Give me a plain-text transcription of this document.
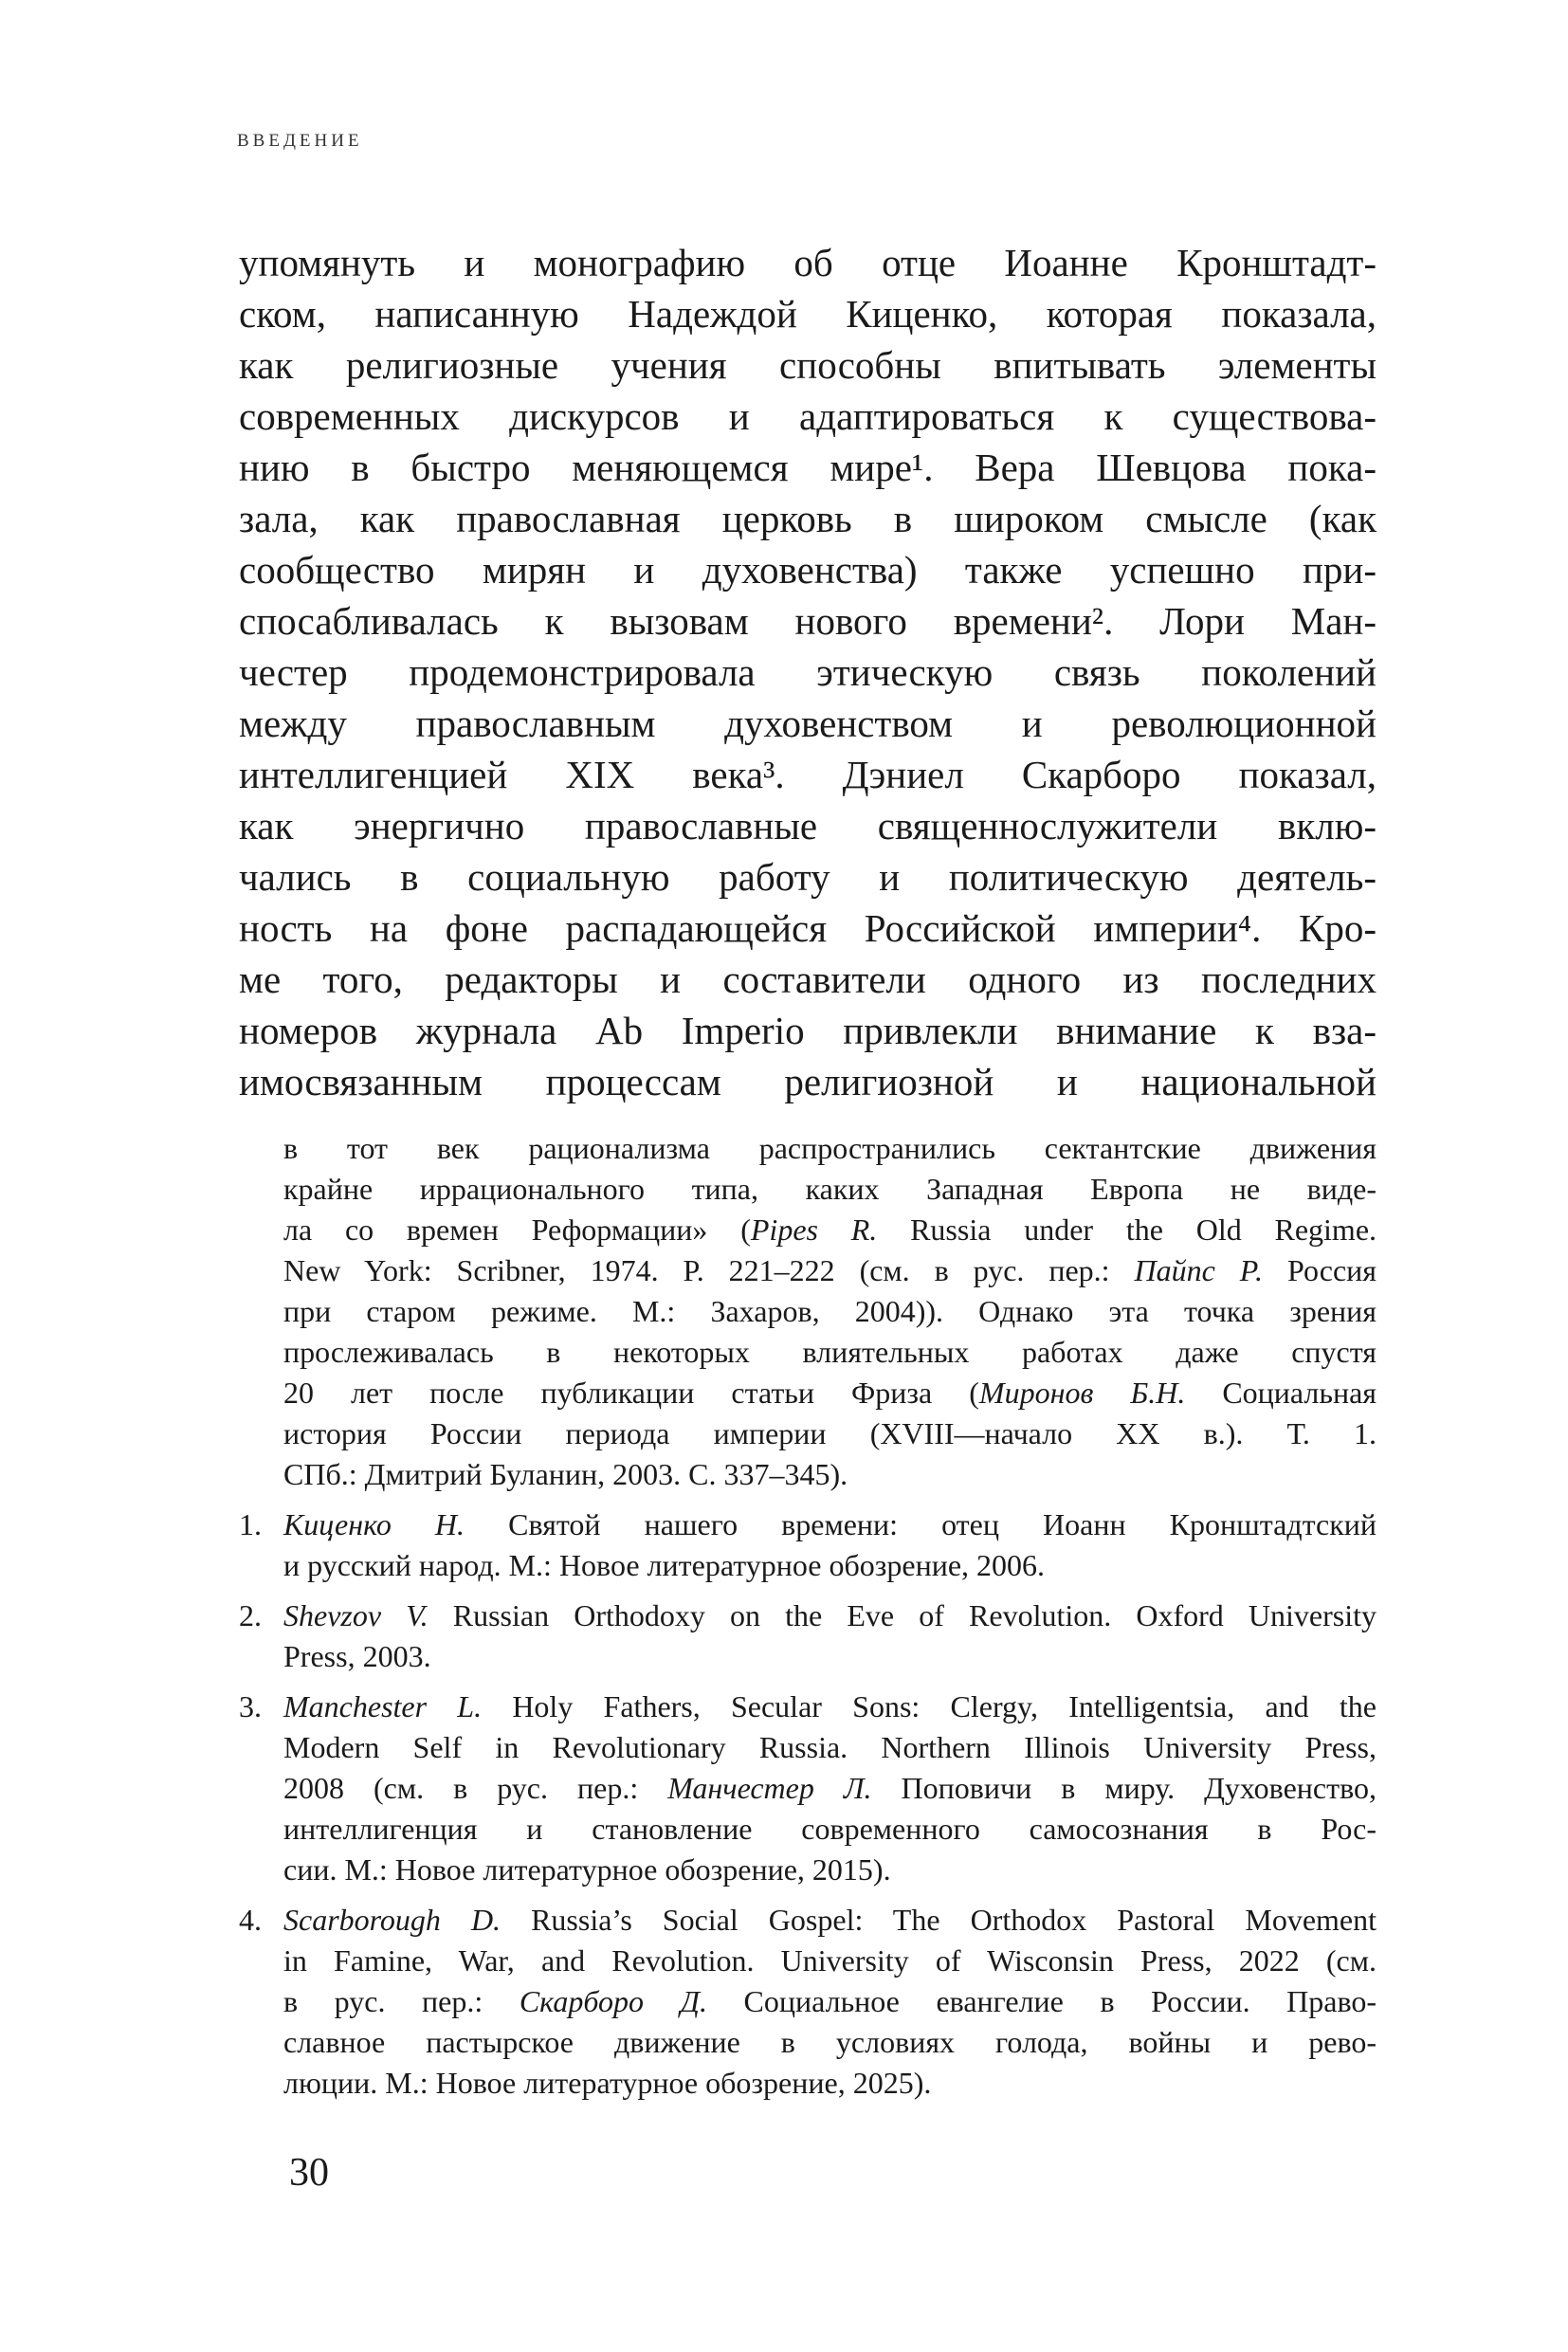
ВВЕДЕНИЕ
упомянуть и монографию об отце Иоанне Кронштадт-
ском, написанную Надеждой Киценко, которая показала,
как религиозные учения способны впитывать элементы
современных дискурсов и адаптироваться к существова-
нию в быстро меняющемся мире¹. Вера Шевцова пока-
зала, как православная церковь в широком смысле (как
сообщество мирян и духовенства) также успешно при-
спосабливалась к вызовам нового времени². Лори Ман-
честер продемонстрировала этическую связь поколений
между православным духовенством и революционной
интеллигенцией XIX века³. Дэниел Скарборо показал,
как энергично православные священнослужители вклю-
чались в социальную работу и политическую деятель-
ность на фоне распадающейся Российской империи⁴. Кро-
ме того, редакторы и составители одного из последних
номеров журнала Ab Imperio привлекли внимание к вза-
имосвязанным процессам религиозной и национальной
в тот век рационализма распространились сектантские движения
крайне иррационального типа, каких Западная Европа не виде-
ла со времен Реформации» (Pipes R. Russia under the Old Regime.
New York: Scribner, 1974. P. 221–222 (см. в рус. пер.: Пайпс Р. Россия
при старом режиме. М.: Захаров, 2004)). Однако эта точка зрения
прослеживалась в некоторых влиятельных работах даже спустя
20 лет после публикации статьи Фриза (Миронов Б.Н. Социальная
история России периода империи (XVIII—начало XX в.). Т. 1.
СПб.: Дмитрий Буланин, 2003. С. 337–345).
1. Киценко Н. Святой нашего времени: отец Иоанн Кронштадтский
и русский народ. М.: Новое литературное обозрение, 2006.
2. Shevzov V. Russian Orthodoxy on the Eve of Revolution. Oxford University
Press, 2003.
3. Manchester L. Holy Fathers, Secular Sons: Clergy, Intelligentsia, and the
Modern Self in Revolutionary Russia. Northern Illinois University Press,
2008 (см. в рус. пер.: Манчестер Л. Поповичи в миру. Духовенство,
интеллигенция и становление современного самосознания в Рос-
сии. М.: Новое литературное обозрение, 2015).
4. Scarborough D. Russia’s Social Gospel: The Orthodox Pastoral Movement
in Famine, War, and Revolution. University of Wisconsin Press, 2022 (см.
в рус. пер.: Скарборо Д. Социальное евангелие в России. Право-
славное пастырское движение в условиях голода, войны и рево-
люции. М.: Новое литературное обозрение, 2025).
30
